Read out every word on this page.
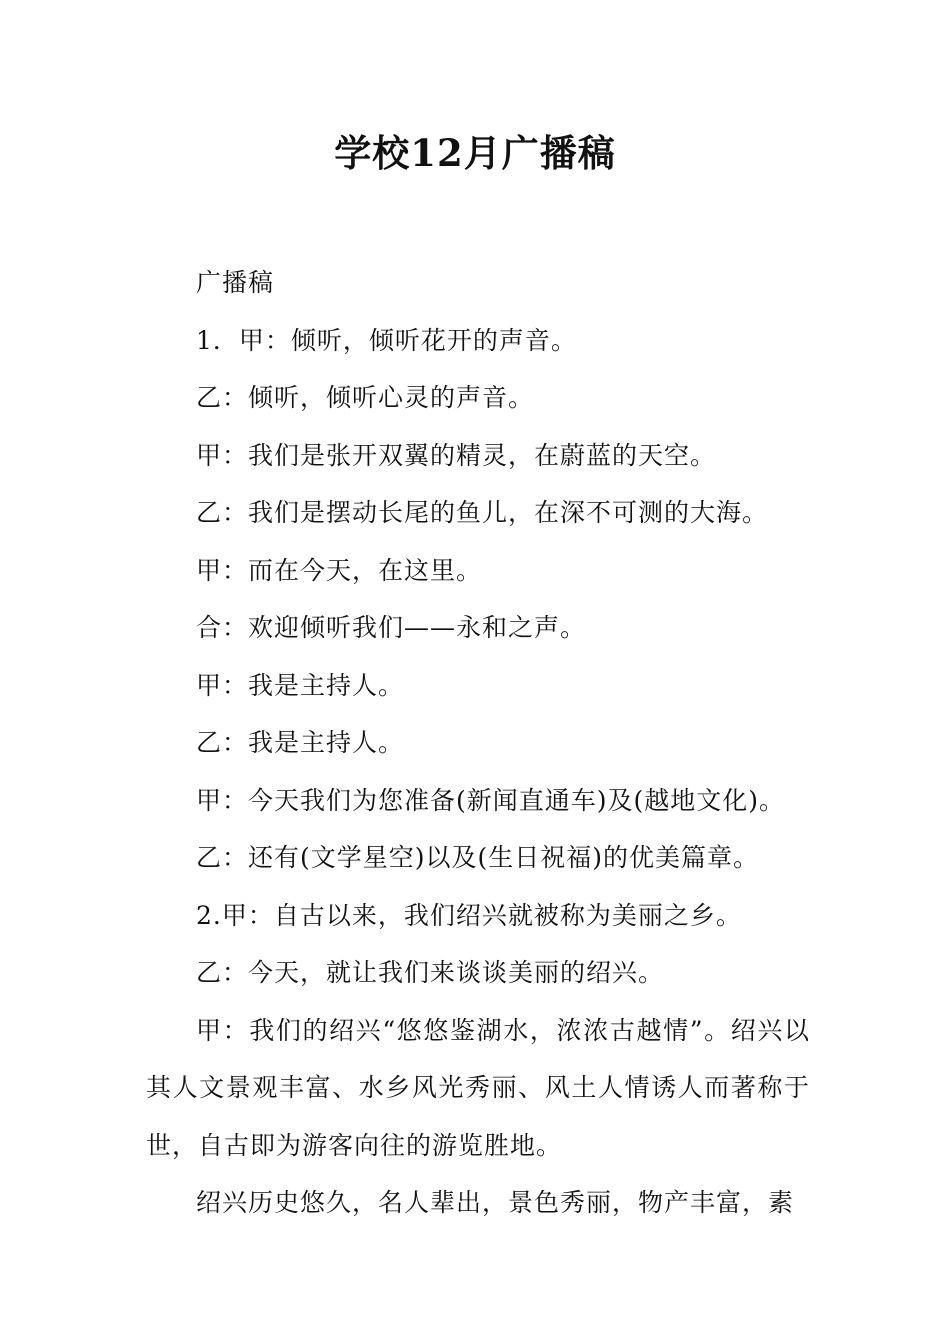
学校12月广播稿

广播稿

1．甲：倾听，倾听花开的声音。

乙：倾听，倾听心灵的声音。

甲：我们是张开双翼的精灵，在蔚蓝的天空。

乙：我们是摆动长尾的鱼儿，在深不可测的大海。

甲：而在今天，在这里。

合：欢迎倾听我们——永和之声。

甲：我是主持人。

乙：我是主持人。

甲：今天我们为您准备(新闻直通车)及(越地文化)。

乙：还有(文学星空)以及(生日祝福)的优美篇章。

2.甲：自古以来，我们绍兴就被称为美丽之乡。

乙：今天，就让我们来谈谈美丽的绍兴。

甲：我们的绍兴“悠悠鉴湖水，浓浓古越情”。绍兴以其人文景观丰富、水乡风光秀丽、风土人情诱人而著称于世，自古即为游客向往的游览胜地。

绍兴历史悠久，名人辈出，景色秀丽，物产丰富，素
